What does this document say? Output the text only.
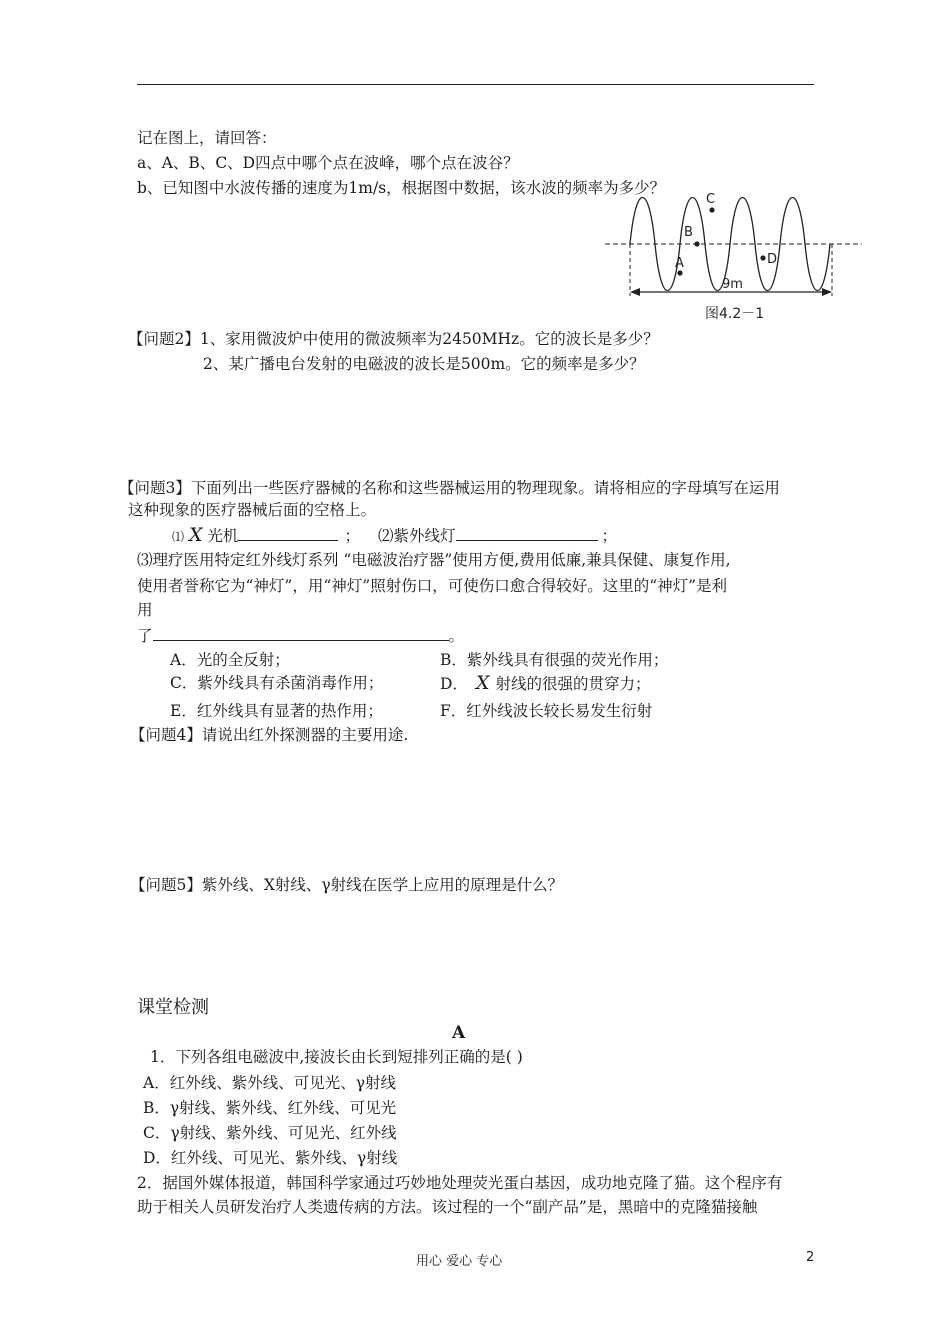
记在图上，请回答：
a、A、B、C、D四点中哪个点在波峰，哪个点在波谷？
b、已知图中水波传播的速度为1m/s，根据图中数据，该水波的频率为多少？
A
B
C
D
9m
图4.2－1
【问题2】1、家用微波炉中使用的微波频率为2450MHz。它的波长是多少？
2、某广播电台发射的电磁波的波长是500m。它的频率是多少？
【问题3】下面列出一些医疗器械的名称和这些器械运用的物理现象。请将相应的字母填写在运用
这种现象的医疗器械后面的空格上。
⑴ X 光机	； ⑵紫外线灯	；
⑶理疗医用特定红外线灯系列 “电磁波治疗器”使用方便,费用低廉,兼具保健、康复作用,
使用者誉称它为“神灯”，用“神灯”照射伤口，可使伤口愈合得较好。这里的“神灯”是利
用
了	。
A．光的全反射；	B．紫外线具有很强的荧光作用；
C．紫外线具有杀菌消毒作用；	D． X 射线的很强的贯穿力；
E．红外线具有显著的热作用；	F．红外线波长较长易发生衍射
【问题4】请说出红外探测器的主要用途.
【问题5】紫外线、X射线、γ射线在医学上应用的原理是什么？
课堂检测
A
1．下列各组电磁波中,接波长由长到短排列正确的是( )
A．红外线、紫外线、可见光、γ射线
B．γ射线、紫外线、红外线、可见光
C．γ射线、紫外线、可见光、红外线
D．红外线、可见光、紫外线、γ射线
2．据国外媒体报道，韩国科学家通过巧妙地处理荧光蛋白基因，成功地克隆了猫。这个程序有
助于相关人员研发治疗人类遗传病的方法。该过程的一个“副产品”是，黑暗中的克隆猫接触
用心 爱心 专心	2
